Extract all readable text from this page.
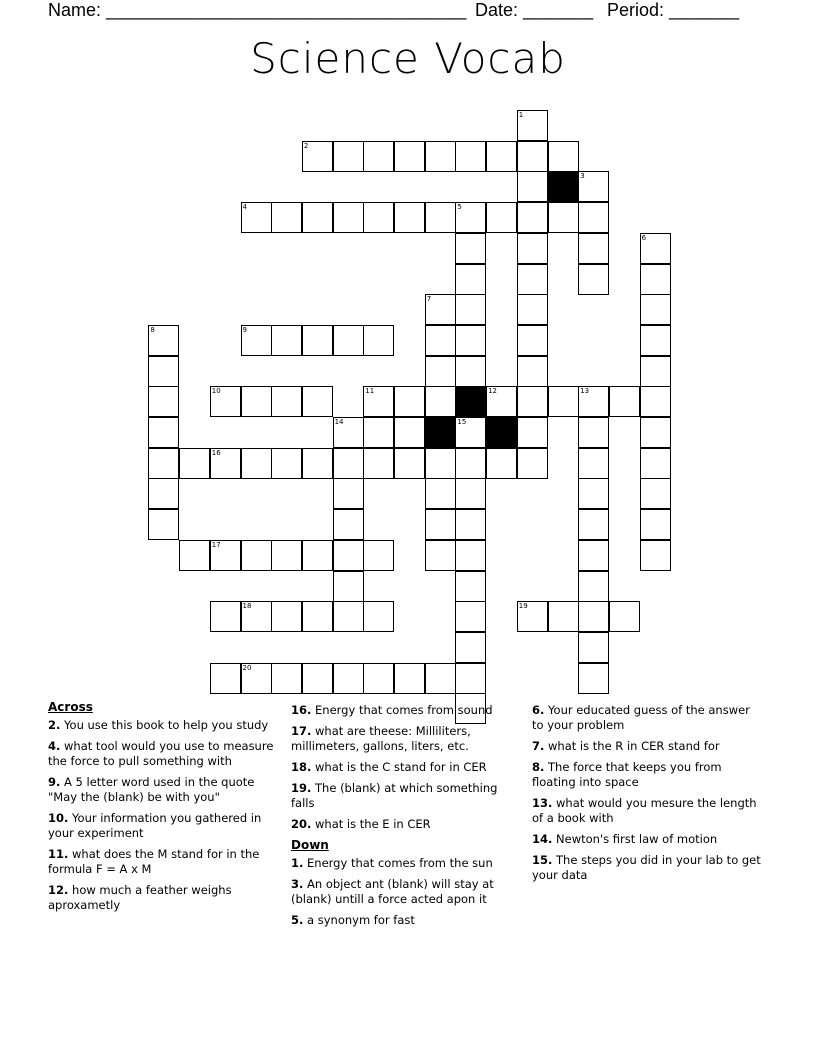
Name: ____________________________________ Date: _______ Period: _______
Science Vocab
1
2
3
4	5
6
7
8	9
10	11	12	13
14	15
16
17
18	19
20
Across
2. You use this book to help you study
4. what tool would you use to measure the force to pull something with
9. A 5 letter word used in the quote "May the (blank) be with you"
10. Your information you gathered in your experiment
11. what does the M stand for in the formula F = A x M
12. how much a feather weighs aproxametly
16. Energy that comes from sound
17. what are theese: Milliliters, millimeters, gallons, liters, etc.
18. what is the C stand for in CER
19. The (blank) at which something falls
20. what is the E in CER
Down
1. Energy that comes from the sun
3. An object ant (blank) will stay at (blank) untill a force acted apon it
5. a synonym for fast
6. Your educated guess of the answer to your problem
7. what is the R in CER stand for
8. The force that keeps you from floating into space
13. what would you mesure the length of a book with
14. Newton's first law of motion
15. The steps you did in your lab to get your data
